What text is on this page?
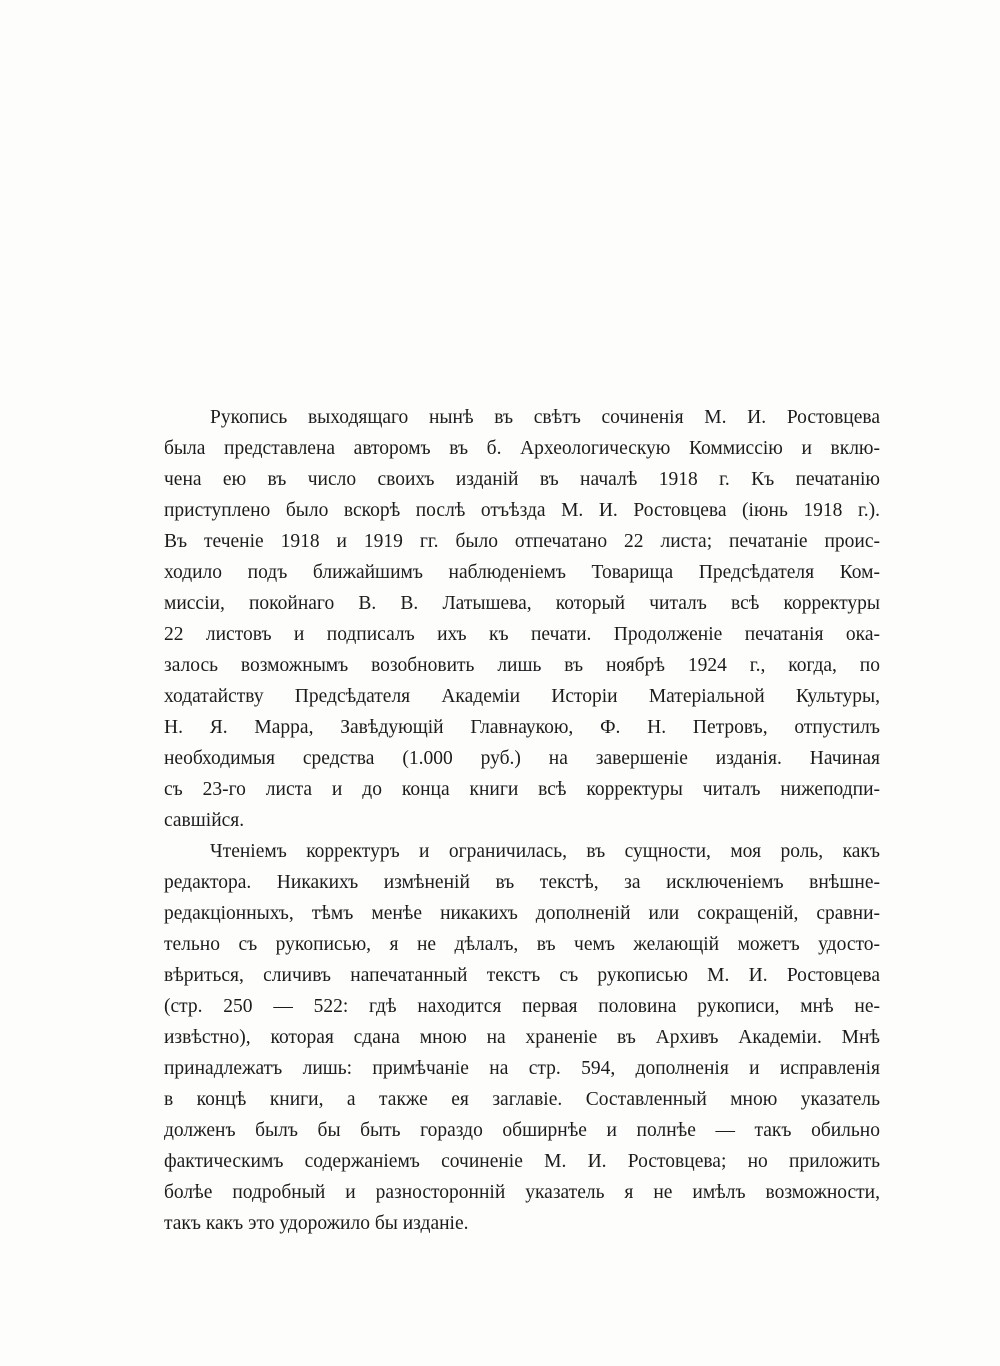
Рукопись выходящаго нынѣ въ свѣтъ сочиненія М. И. Ростовцева
была представлена авторомъ въ б. Археологическую Коммиссію и вклю-
чена ею въ число своихъ изданій въ началѣ 1918 г. Къ печатанію
приступлено было вскорѣ послѣ отъѣзда М. И. Ростовцева (іюнь 1918 г.).
Въ теченіе 1918 и 1919 гг. было отпечатано 22 листа; печатаніе проис-
ходило подъ ближайшимъ наблюденіемъ Товарища Предсѣдателя Ком-
миссіи, покойнаго В. В. Латышева, который читалъ всѣ корректуры
22 листовъ и подписалъ ихъ къ печати. Продолженіе печатанія ока-
залось возможнымъ возобновить лишь въ ноябрѣ 1924 г., когда, по
ходатайству Предсѣдателя Академіи Исторіи Матеріальной Культуры,
Н. Я. Марра, Завѣдующій Главнаукою, Ф. Н. Петровъ, отпустилъ
необходимыя средства (1.000 руб.) на завершеніе изданія. Начиная
съ 23-го листа и до конца книги всѣ корректуры читалъ нижеподпи-
савшійся.

Чтеніемъ корректуръ и ограничилась, въ сущности, моя роль, какъ
редактора. Никакихъ измѣненій въ текстѣ, за исключеніемъ внѣшне-
редакціонныхъ, тѣмъ менѣе никакихъ дополненій или сокращеній, сравни-
тельно съ рукописью, я не дѣлалъ, въ чемъ желающій можетъ удосто-
вѣриться, сличивъ напечатанный текстъ съ рукописью М. И. Ростовцева
(стр. 250 — 522: гдѣ находится первая половина рукописи, мнѣ не-
извѣстно), которая сдана мною на храненіе въ Архивъ Академіи. Мнѣ
принадлежатъ лишь: примѣчаніе на стр. 594, дополненія и исправленія
в концѣ книги, а также ея заглавіе. Составленный мною указатель
долженъ былъ бы быть гораздо обширнѣе и полнѣе — такъ обильно
фактическимъ содержаніемъ сочиненіе М. И. Ростовцева; но приложить
болѣе подробный и разносторонній указатель я не имѣлъ возможности,
такъ какъ это удорожило бы изданіе.
